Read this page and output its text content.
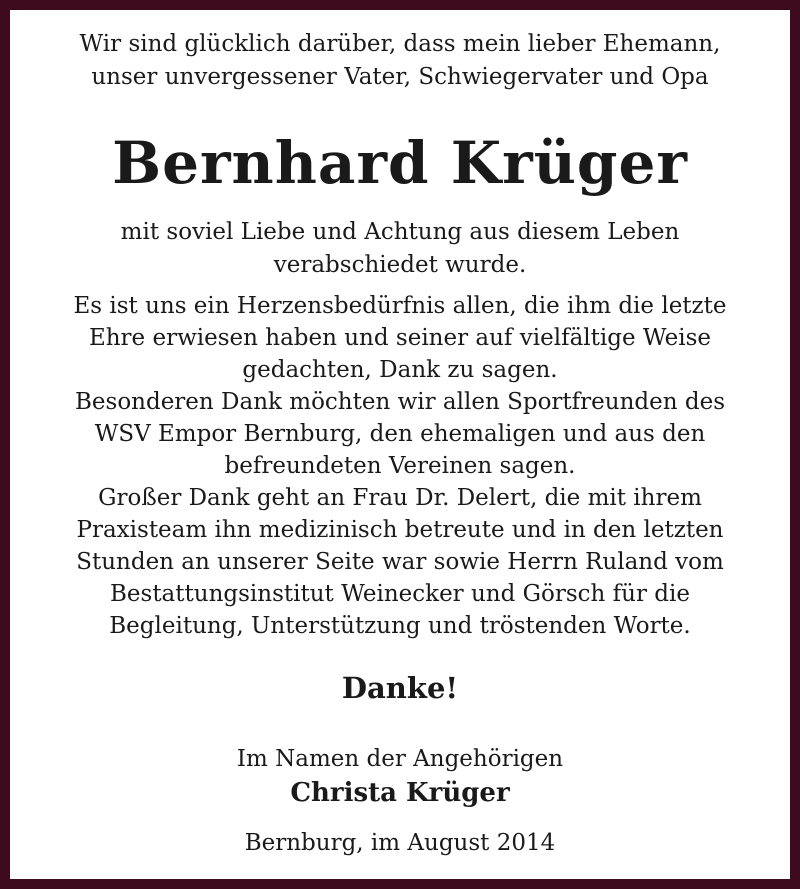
Wir sind glücklich darüber, dass mein lieber Ehemann,
unser unvergessener Vater, Schwiegervater und Opa
Bernhard Krüger
mit soviel Liebe und Achtung aus diesem Leben
verabschiedet wurde.
Es ist uns ein Herzensbedürfnis allen, die ihm die letzte
Ehre erwiesen haben und seiner auf vielfältige Weise
gedachten, Dank zu sagen.
Besonderen Dank möchten wir allen Sportfreunden des
WSV Empor Bernburg, den ehemaligen und aus den
befreundeten Vereinen sagen.
Großer Dank geht an Frau Dr. Delert, die mit ihrem
Praxisteam ihn medizinisch betreute und in den letzten
Stunden an unserer Seite war sowie Herrn Ruland vom
Bestattungsinstitut Weinecker und Görsch für die
Begleitung, Unterstützung und tröstenden Worte.
Danke!
Im Namen der Angehörigen
Christa Krüger
Bernburg, im August 2014
